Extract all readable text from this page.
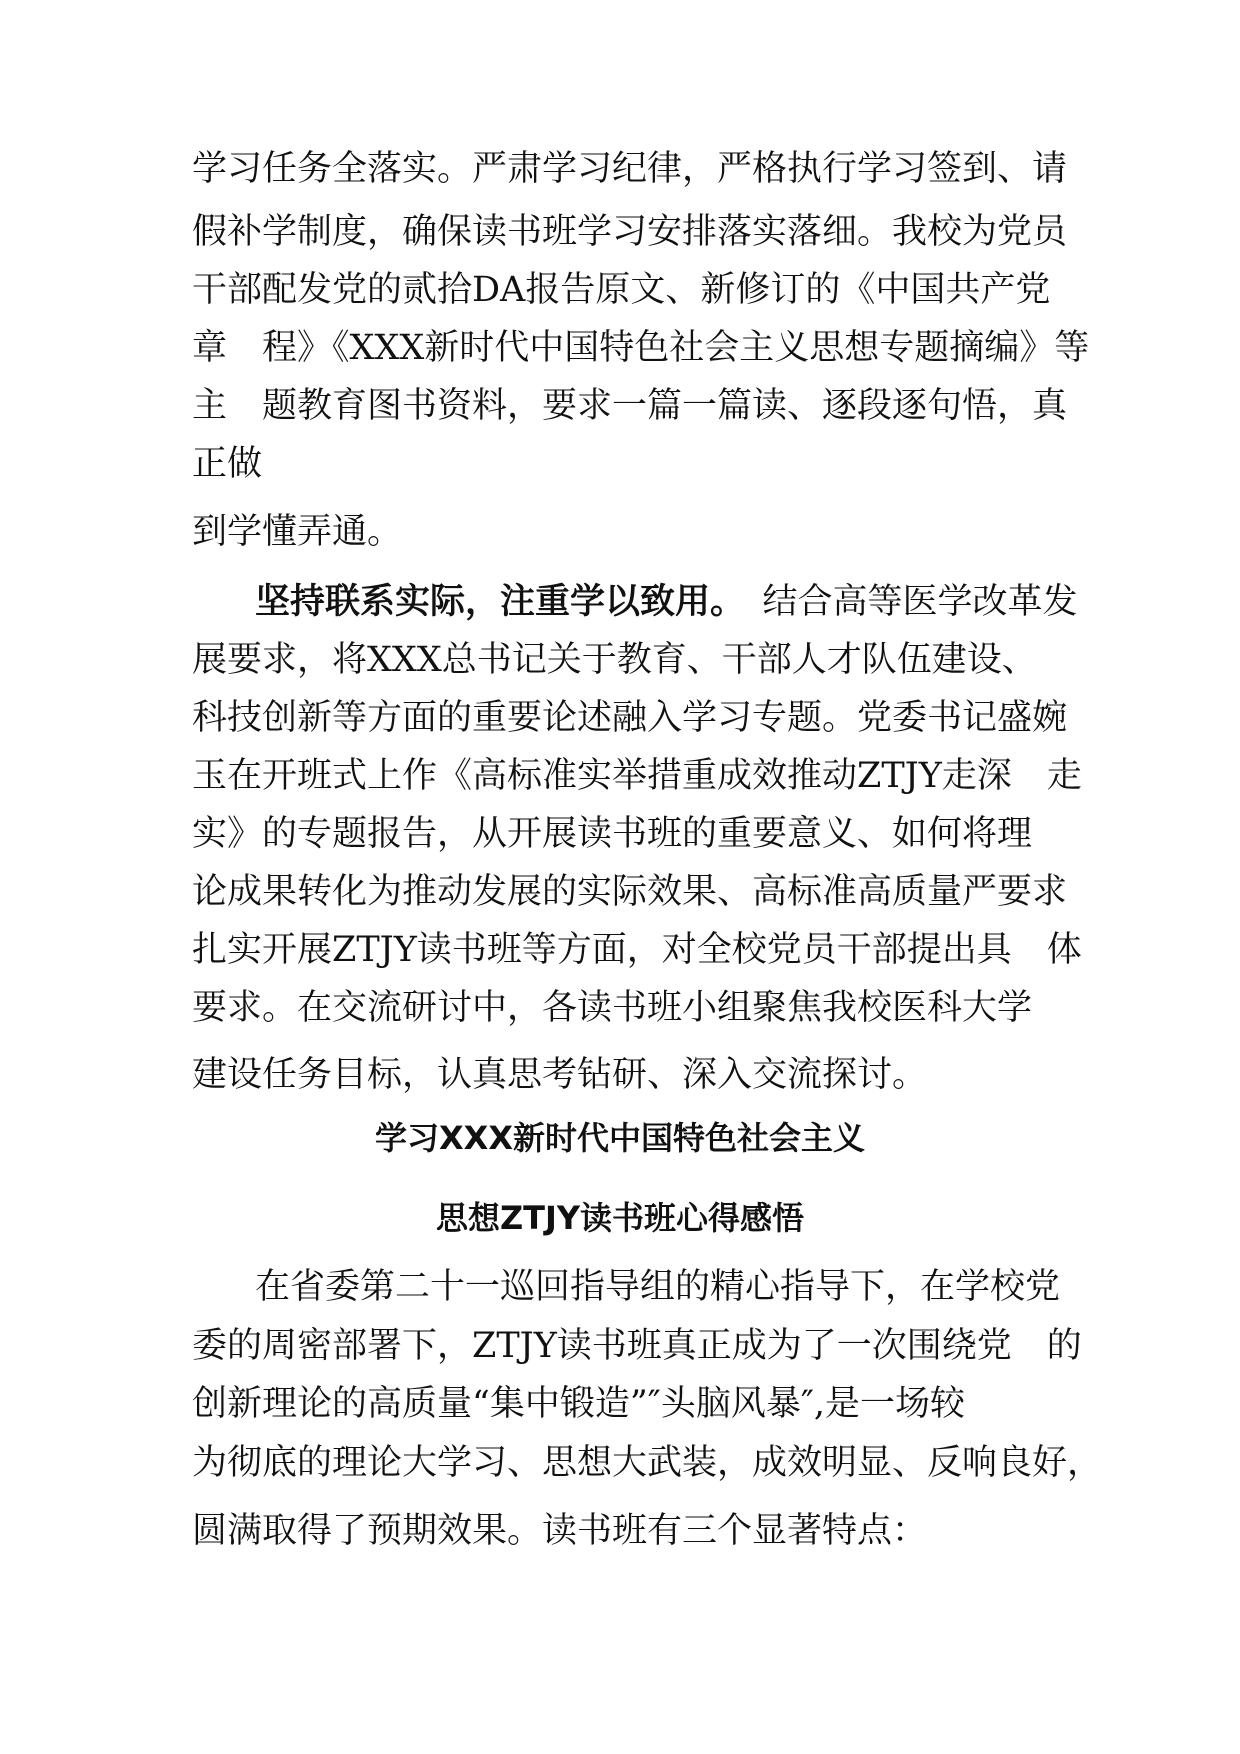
学习任务全落实。严肃学习纪律，严格执行学习签到、请
假补学制度，确保读书班学习安排落实落细。我校为党员
干部配发党的贰拾DA报告原文、新修订的《中国共产党
章　程》《XXX新时代中国特色社会主义思想专题摘编》等
主　题教育图书资料，要求一篇一篇读、逐段逐句悟，真
正做
到学懂弄通。
坚持联系实际，注重学以致用。　结合高等医学改革发
展要求，将XXX总书记关于教育、干部人才队伍建设、
科技创新等方面的重要论述融入学习专题。党委书记盛婉
玉在开班式上作《高标准实举措重成效推动ZTJY走深　走
实》的专题报告，从开展读书班的重要意义、如何将理
论成果转化为推动发展的实际效果、高标准高质量严要求
扎实开展ZTJY读书班等方面，对全校党员干部提出具　体
要求。在交流研讨中，各读书班小组聚焦我校医科大学
建设任务目标，认真思考钻研、深入交流探讨。
学习XXX新时代中国特色社会主义
思想ZTJY读书班心得感悟
在省委第二十一巡回指导组的精心指导下，在学校党
委的周密部署下，ZTJY读书班真正成为了一次围绕党　的
创新理论的高质量“集中锻造”″头脑风暴″,是一场较
为彻底的理论大学习、思想大武装，成效明显、反响良好，
圆满取得了预期效果。读书班有三个显著特点：
